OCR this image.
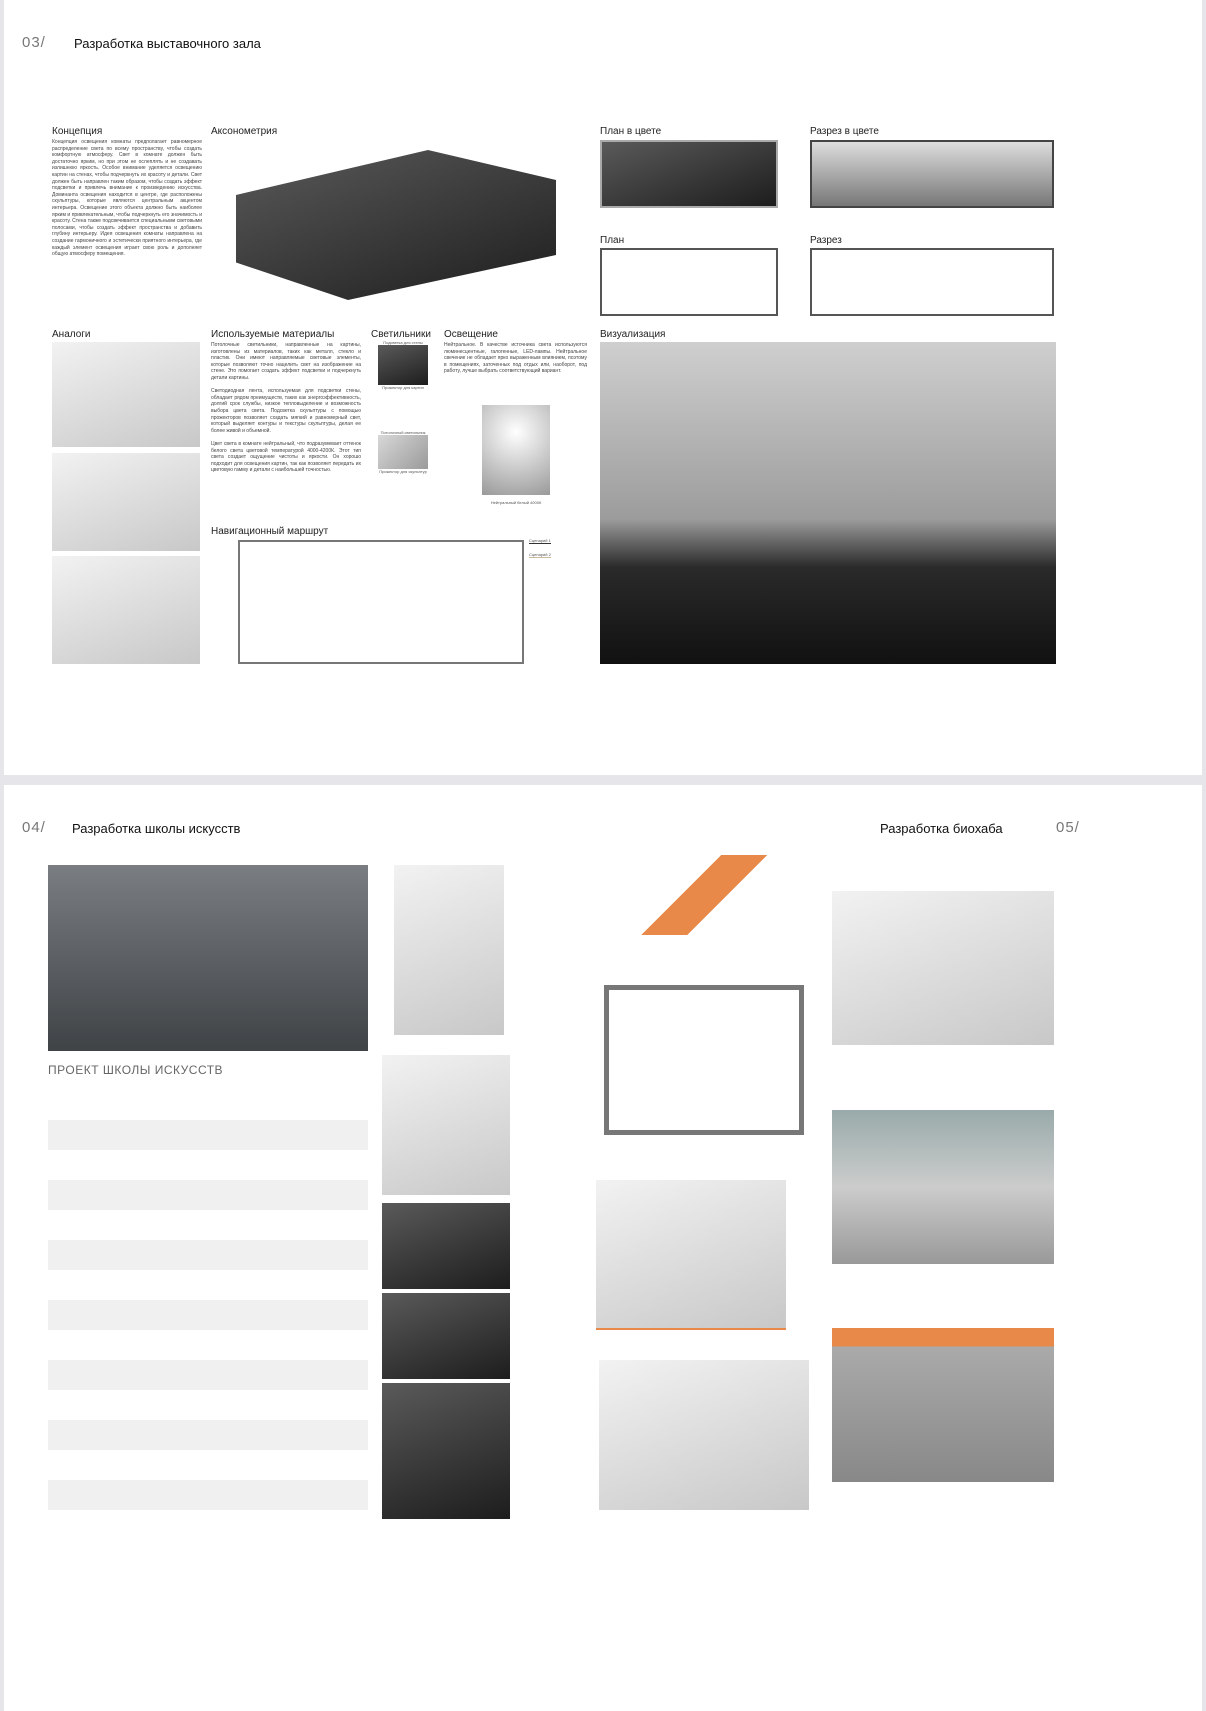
03/ Разработка выставочного зала
Концепция
Концепция освещения комнаты предполагает равномерное распределение света по всему пространству, чтобы создать комфортную атмосферу. Свет в комнате должен быть достаточно ярким, но при этом не ослеплять и не создавать излишнюю яркость. Особое внимание уделяется освещению картин на стенах, чтобы подчеркнуть их красоту и детали. Свет должен быть направлен таким образом, чтобы создать эффект подсветки и привлечь внимание к произведению искусства. Доминанта освещения находится в центре, где расположены скульптуры, которые являются центральным акцентом интерьера. Освещение этого объекта должно быть наиболее ярким и привлекательным, чтобы подчеркнуть его значимость и красоту. Стена также подсвечивается специальными световыми полосами, чтобы создать эффект пространства и добавить глубину интерьеру. Идея освещения комнаты направлена на создание гармоничного и эстетически приятного интерьера, где каждый элемент освещения играет свою роль и дополняет общую атмосферу помещения.
Аксонометрия	План в цвете	Разрез в цвете
План	Разрез
Аналоги	Используемые материалы

Потолочные светильники, направленные на картины, изготовлены из материалов, таких как металл, стекло и пластик. Они имеют направляемые световые элементы, которые позволяют точно нацелить свет на изображение на стене. Это помогает создать эффект подсветки и подчеркнуть детали картины.

Светодиодная лента, используемая для подсветки стены, обладает рядом преимуществ, таких как энергоэффективность, долгий срок службы, низкое тепловыделение и возможность выбора цвета света. Подсветка скульптуры с помощью прожекторов позволяет создать мягкий и равномерный свет, который выделяет контуры и текстуры скульптуры, делая ее более живой и объемной.

Цвет света в комнате нейтральный, что подразумевает оттенок белого света цветовой температурой 4000-4200К. Этот тип света создает ощущение чистоты и яркости. Он хорошо подходит для освещения картин, так как позволяет передать их цветовую гамму и детали с наибольшей точностью.

Светильники
Подсветка для стены
Прожектор для картин
Потолочный светильник
Прожектор для скульптур
Освещение
Нейтральное. В качестве источника света используются люминесцентные, галогенные, LED-лампы. Нейтральное свечение не обладает ярко выраженным влиянием, поэтому в помещениях, заточенных под отдых или, наоборот, под работу, лучше выбрать соответствующий вариант.
Нейтральный белый 4000К
Навигационный маршрут
Сценарий 1
Сценарий 2
Визуализация
04/ Разработка школы искусств	Разработка биохаба	05/
ПРОЕКТ ШКОЛЫ ИСКУССТВ
